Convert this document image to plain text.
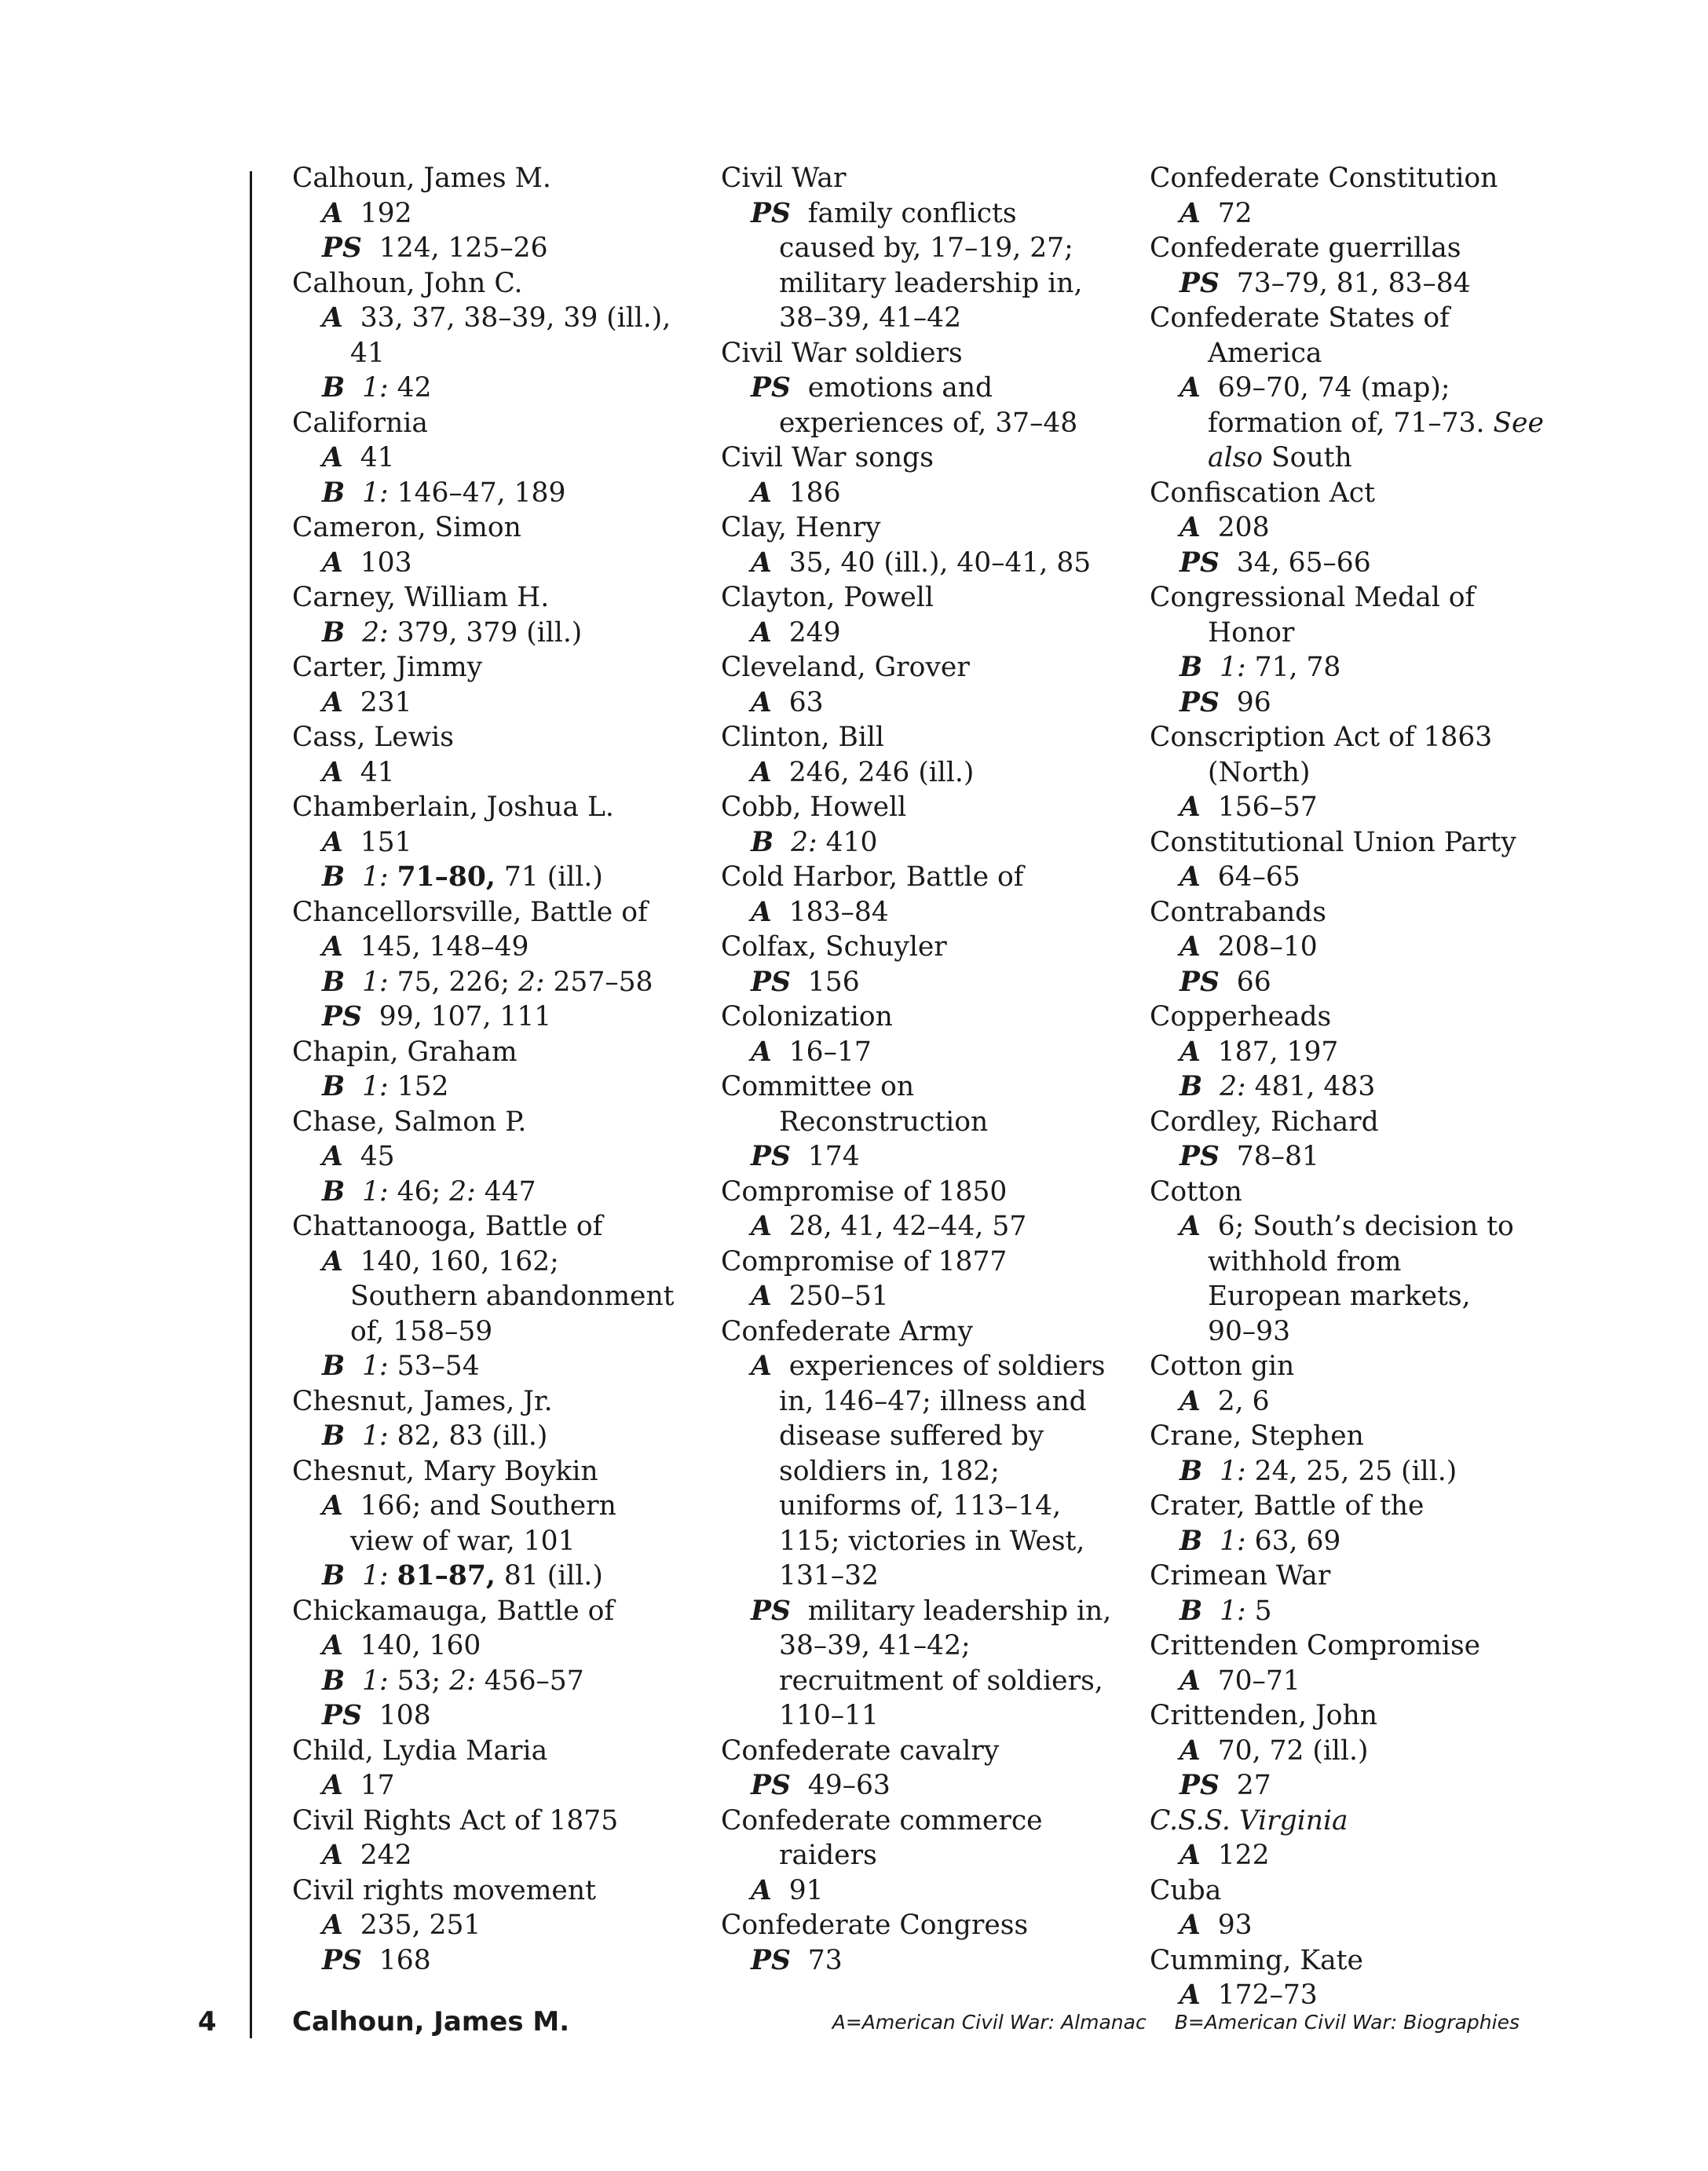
Calhoun, James M.
A  192
PS  124, 125–26
Calhoun, John C.
A  33, 37, 38–39, 39 (ill.),
41
B 1: 42
California
A  41
B 1: 146–47, 189
Cameron, Simon
A  103
Carney, William H.
B 2: 379, 379 (ill.)
Carter, Jimmy
A  231
Cass, Lewis
A  41
Chamberlain, Joshua L.
A  151
B 1: 71–80, 71 (ill.)
Chancellorsville, Battle of
A  145, 148–49
B 1: 75, 226; 2: 257–58
PS  99, 107, 111
Chapin, Graham
B 1: 152
Chase, Salmon P.
A  45
B 1: 46; 2: 447
Chattanooga, Battle of
A  140, 160, 162;
Southern abandonment
of, 158–59
B 1: 53–54
Chesnut, James, Jr.
B 1: 82, 83 (ill.)
Chesnut, Mary Boykin
A  166; and Southern
view of war, 101
B 1: 81–87, 81 (ill.)
Chickamauga, Battle of
A  140, 160
B 1: 53; 2: 456–57
PS  108
Child, Lydia Maria
A  17
Civil Rights Act of 1875
A  242
Civil rights movement
A  235, 251
PS  168
Civil War
PS  family conflicts
caused by, 17–19, 27;
military leadership in,
38–39, 41–42
Civil War soldiers
PS  emotions and
experiences of, 37–48
Civil War songs
A  186
Clay, Henry
A  35, 40 (ill.), 40–41, 85
Clayton, Powell
A  249
Cleveland, Grover
A  63
Clinton, Bill
A  246, 246 (ill.)
Cobb, Howell
B 2: 410
Cold Harbor, Battle of
A  183–84
Colfax, Schuyler
PS  156
Colonization
A  16–17
Committee on
Reconstruction
PS  174
Compromise of 1850
A  28, 41, 42–44, 57
Compromise of 1877
A  250–51
Confederate Army
A  experiences of soldiers
in, 146–47; illness and
disease suffered by
soldiers in, 182;
uniforms of, 113–14,
115; victories in West,
131–32
PS  military leadership in,
38–39, 41–42;
recruitment of soldiers,
110–11
Confederate cavalry
PS  49–63
Confederate commerce
raiders
A  91
Confederate Congress
PS  73
Confederate Constitution
A  72
Confederate guerrillas
PS  73–79, 81, 83–84
Confederate States of
America
A  69–70, 74 (map);
formation of, 71–73. See
also South
Confiscation Act
A  208
PS  34, 65–66
Congressional Medal of
Honor
B 1: 71, 78
PS  96
Conscription Act of 1863
(North)
A  156–57
Constitutional Union Party
A  64–65
Contrabands
A  208–10
PS  66
Copperheads
A  187, 197
B 2: 481, 483
Cordley, Richard
PS  78–81
Cotton
A  6; South’s decision to
withhold from
European markets,
90–93
Cotton gin
A  2, 6
Crane, Stephen
B 1: 24, 25, 25 (ill.)
Crater, Battle of the
B 1: 63, 69
Crimean War
B 1: 5
Crittenden Compromise
A  70–71
Crittenden, John
A  70, 72 (ill.)
PS  27
C.S.S. Virginia
A  122
Cuba
A  93
Cumming, Kate
A  172–73
4	Calhoun, James M.	A=American Civil War: Almanac B=American Civil War: Biographies
